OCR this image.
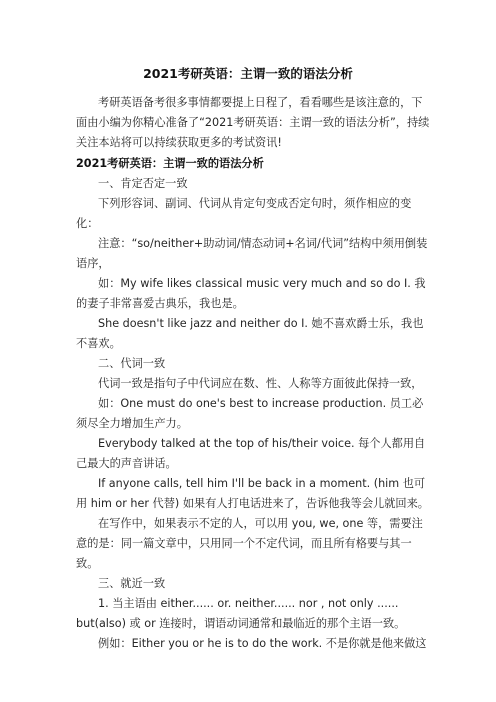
2021考研英语：主谓一致的语法分析

考研英语备考很多事情都要提上日程了，看看哪些是该注意的，下面由小编为你精心准备了“2021考研英语：主谓一致的语法分析”，持续关注本站将可以持续获取更多的考试资讯!

2021考研英语：主谓一致的语法分析

一、肯定否定一致

下列形容词、副词、代词从肯定句变成否定句时，须作相应的变化：

注意：“so/neither+助动词/情态动词+名词/代词”结构中须用倒装语序，

如：My wife likes classical music very much and so do I. 我的妻子非常喜爱古典乐，我也是。

She doesn't like jazz and neither do I. 她不喜欢爵士乐，我也不喜欢。

二、代词一致

代词一致是指句子中代词应在数、性、人称等方面彼此保持一致，

如：One must do one's best to increase production. 员工必须尽全力增加生产力。

Everybody talked at the top of his/their voice. 每个人都用自己最大的声音讲话。

If anyone calls, tell him I'll be back in a moment. (him 也可用 him or her 代替) 如果有人打电话进来了，告诉他我等会儿就回来。

在写作中，如果表示不定的人，可以用 you, we, one 等，需要注意的是：同一篇文章中，只用同一个不定代词，而且所有格要与其一致。

三、就近一致

1. 当主语由 either...... or. neither...... nor , not only ...... but(also) 或 or 连接时，谓语动词通常和最临近的那个主语一致。

例如：Either you or he is to do the work. 不是你就是他来做这
